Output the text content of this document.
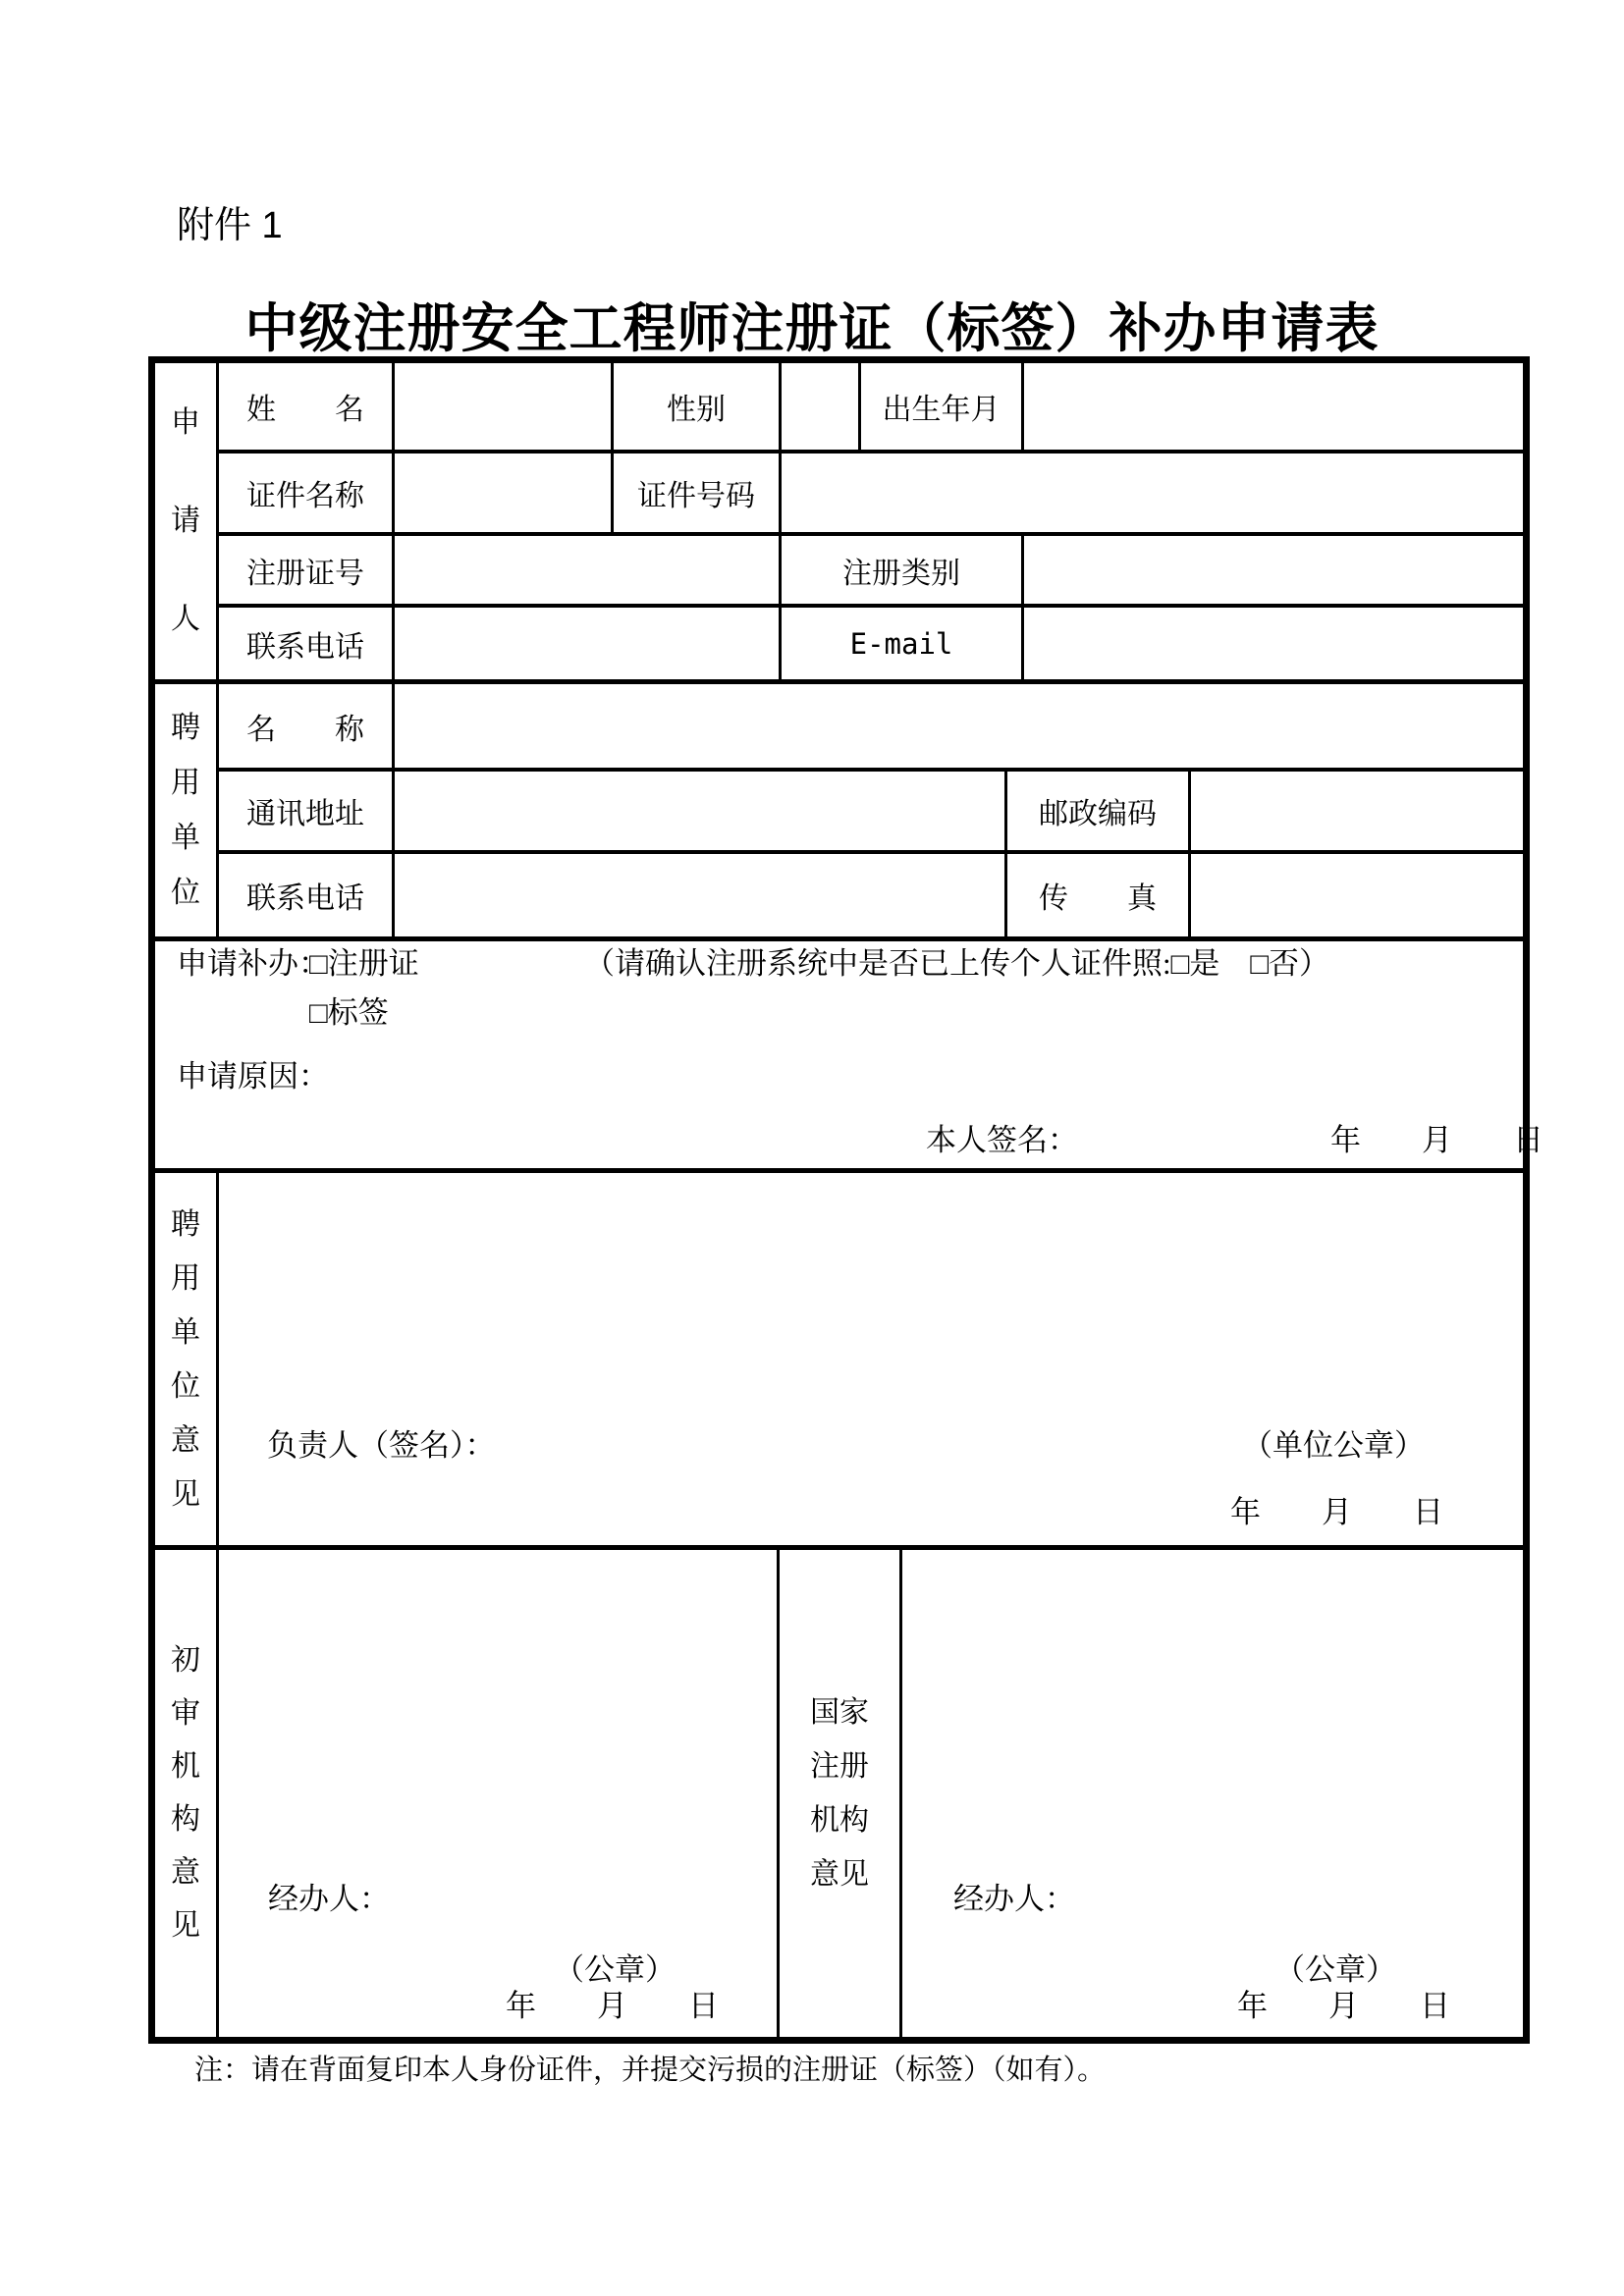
附件 1
中级注册安全工程师注册证（标签）补办申请表
申请人
姓　　名	性别	出生年月
证件名称	证件号码
注册证号	注册类别
联系电话	E-mail
聘用单位
名　　称
通讯地址	邮政编码
联系电话	传　　真
申请补办：
□注册证	（请确认注册系统中是否已上传个人证件照:□是　□否）
□标签
申请原因：
本人签名：	年　　月　　日
聘用单位意见
负责人（签名）：	（单位公章）
年　　月　　日
初审机构意见
经办人：
（公章）
年　　月　　日
国家注册机构意见
经办人：
（公章）
年　　月　　日
注：请在背面复印本人身份证件，并提交污损的注册证（标签）（如有）。
